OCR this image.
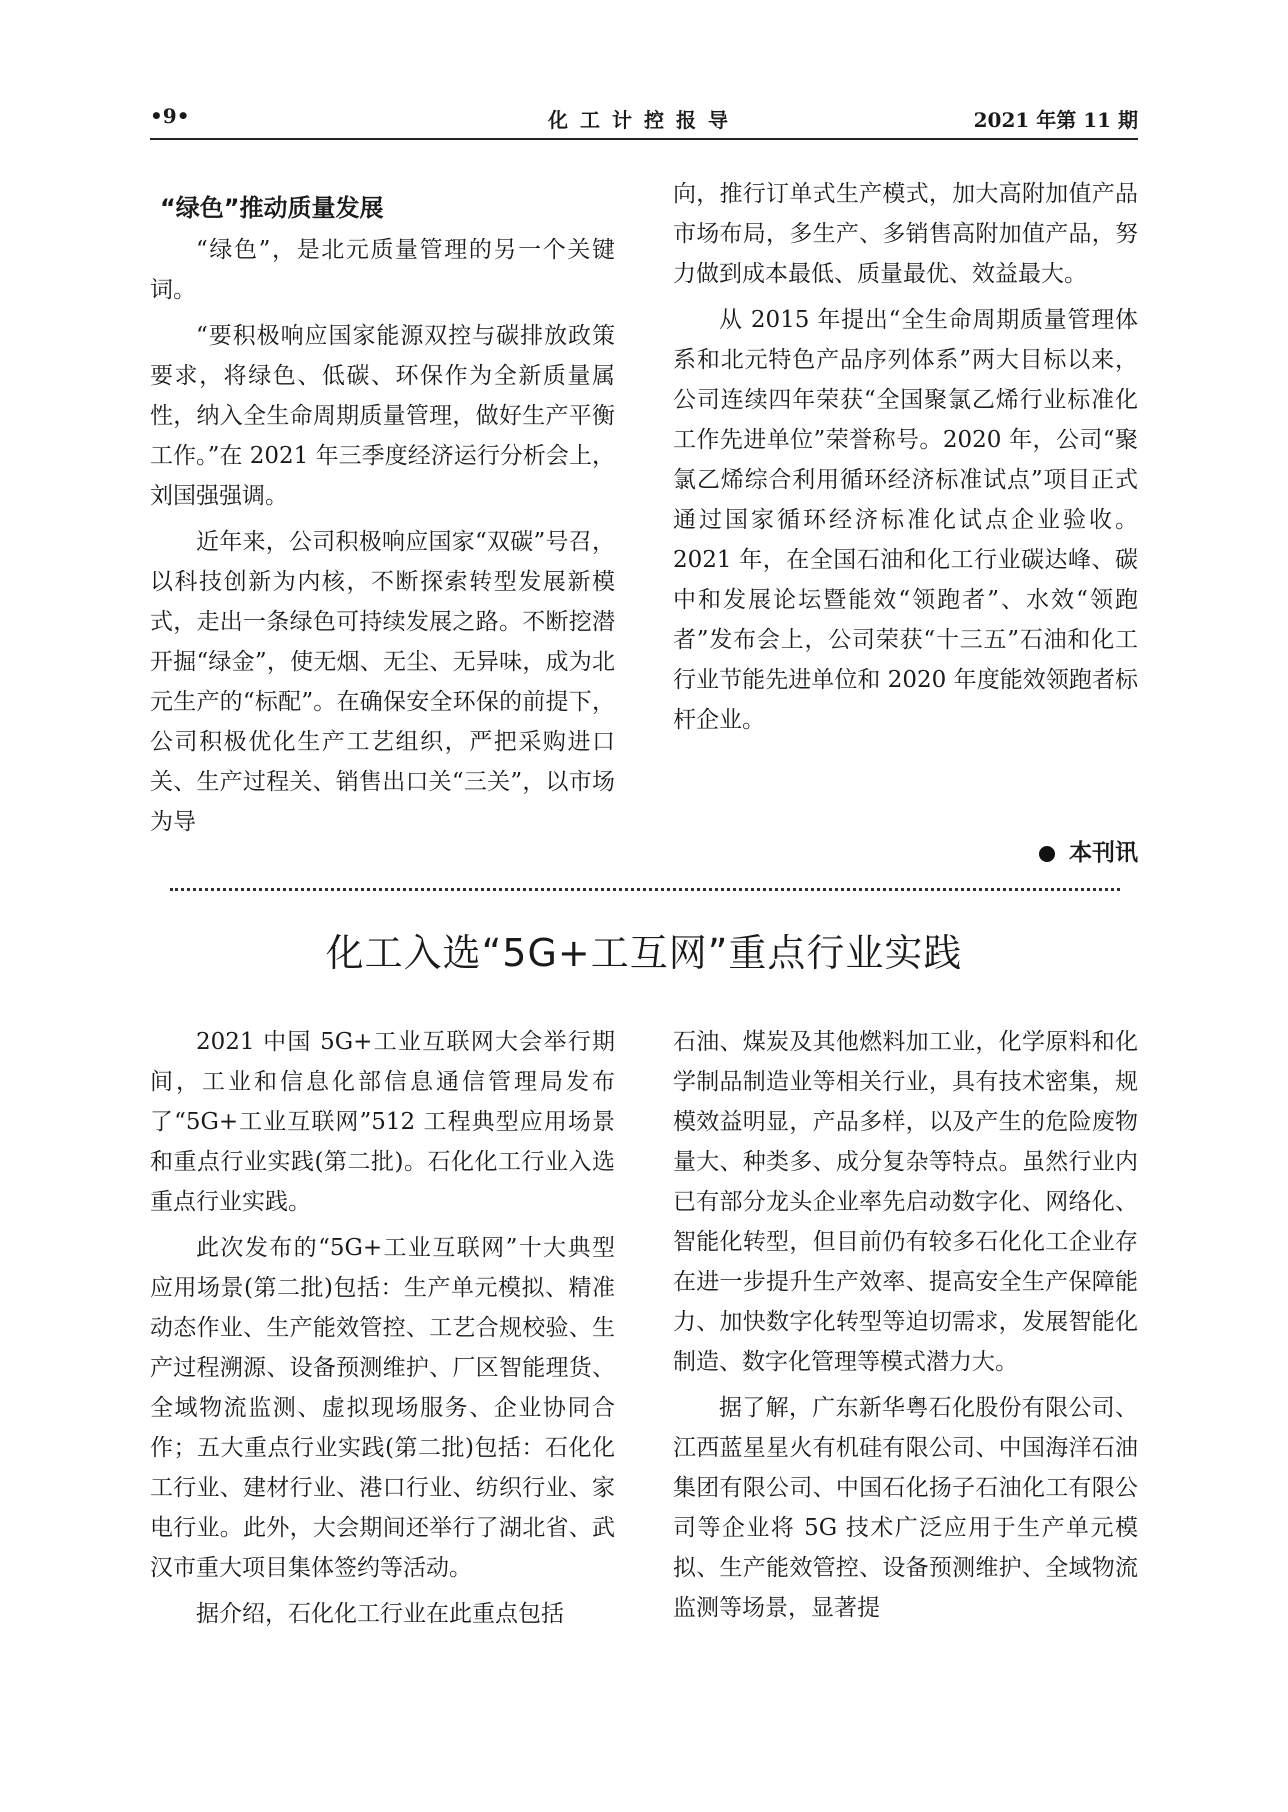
•9•	化工计控报导	2021 年第 11 期
“绿色”推动质量发展

“绿色”，是北元质量管理的另一个关键词。

“要积极响应国家能源双控与碳排放政策要求，将绿色、低碳、环保作为全新质量属性，纳入全生命周期质量管理，做好生产平衡工作。”在 2021 年三季度经济运行分析会上，刘国强强调。

近年来，公司积极响应国家“双碳”号召，以科技创新为内核，不断探索转型发展新模式，走出一条绿色可持续发展之路。不断挖潜开掘“绿金”，使无烟、无尘、无异味，成为北元生产的“标配”。在确保安全环保的前提下，公司积极优化生产工艺组织，严把采购进口关、生产过程关、销售出口关“三关”，以市场为导

向，推行订单式生产模式，加大高附加值产品市场布局，多生产、多销售高附加值产品，努力做到成本最低、质量最优、效益最大。

从 2015 年提出“全生命周期质量管理体系和北元特色产品序列体系”两大目标以来，公司连续四年荣获“全国聚氯乙烯行业标准化工作先进单位”荣誉称号。2020 年，公司“聚氯乙烯综合利用循环经济标准试点”项目正式通过国家循环经济标准化试点企业验收。2021 年，在全国石油和化工行业碳达峰、碳中和发展论坛暨能效“领跑者”、水效“领跑者”发布会上，公司荣获“十三五”石油和化工行业节能先进单位和 2020 年度能效领跑者标杆企业。

本刊讯
化工入选“5G+工互网”重点行业实践

2021 中国 5G+工业互联网大会举行期间，工业和信息化部信息通信管理局发布了“5G+工业互联网”512 工程典型应用场景和重点行业实践(第二批)。石化化工行业入选重点行业实践。

此次发布的“5G+工业互联网”十大典型应用场景(第二批)包括：生产单元模拟、精准动态作业、生产能效管控、工艺合规校验、生产过程溯源、设备预测维护、厂区智能理货、全域物流监测、虚拟现场服务、企业协同合作；五大重点行业实践(第二批)包括：石化化工行业、建材行业、港口行业、纺织行业、家电行业。此外，大会期间还举行了湖北省、武汉市重大项目集体签约等活动。

据介绍，石化化工行业在此重点包括

石油、煤炭及其他燃料加工业，化学原料和化学制品制造业等相关行业，具有技术密集，规模效益明显，产品多样，以及产生的危险废物量大、种类多、成分复杂等特点。虽然行业内已有部分龙头企业率先启动数字化、网络化、智能化转型，但目前仍有较多石化化工企业存在进一步提升生产效率、提高安全生产保障能力、加快数字化转型等迫切需求，发展智能化制造、数字化管理等模式潜力大。

据了解，广东新华粤石化股份有限公司、江西蓝星星火有机硅有限公司、中国海洋石油集团有限公司、中国石化扬子石油化工有限公司等企业将 5G 技术广泛应用于生产单元模拟、生产能效管控、设备预测维护、全域物流监测等场景，显著提
